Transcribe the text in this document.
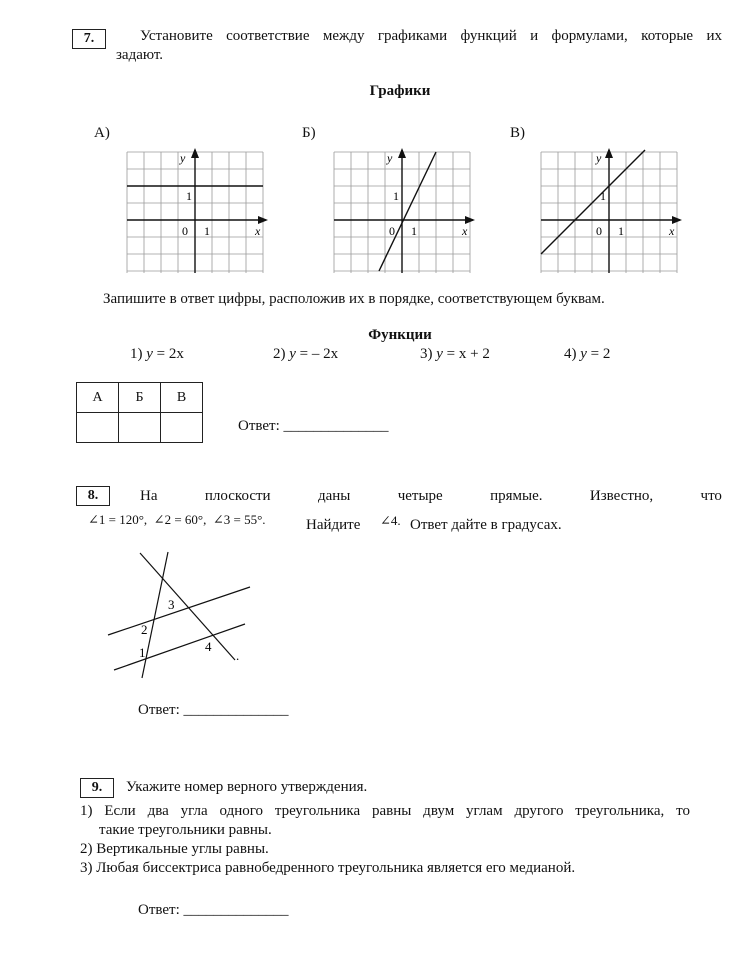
7.	Установите соответствие между графиками функций и формулами, которые их
задают.
Графики
А)	Б)	В)
y
x
0 1
1
y
x
0 1
1
y
x
0 1
1
Запишите в ответ цифры, расположив их в порядке, соответствующем буквам.
Функции
1) y = 2x	2) y = – 2x	3) y = x + 2	4) y = 2
А	Б	В

Ответ: ______________
8.	На	плоскости	даны	четыре	прямые.	Известно,	что
∠1 = 120°,  ∠2 = 60°,  ∠3 = 55°.	Найдите ∠4. Ответ дайте в градусах.
1
2
3
4
.
Ответ: ______________
9.	Укажите номер верного утверждения.
1) Если два угла одного треугольника равны двум углам другого треугольника, то
такие треугольники равны.
2) Вертикальные углы равны.
3) Любая биссектриса равнобедренного треугольника является его медианой.
Ответ: ______________
